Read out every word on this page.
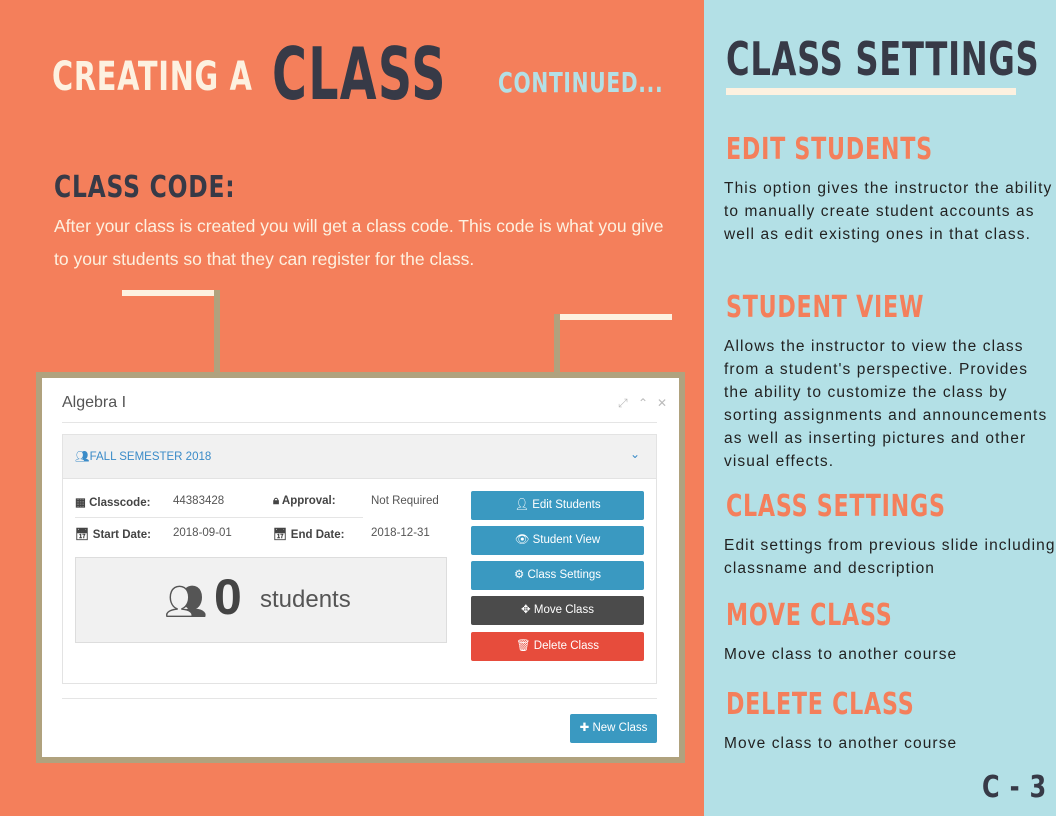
CREATING A CLASS CONTINUED...
CLASS CODE:

After your class is created you will get a class code. This code is what you give to your students so that they can register for the class.

Algebra I	⤢ ⌃ ✕
👥︎FALL SEMESTER 2018	⌄
▦ Classcode: 44383428	🔒︎ Approval:	Not Required
📅︎ Start Date: 2018-09-01	📅︎ End Date: 2018-12-31
👥︎ 0 students
👤︎ Edit Students
👁︎ Student View
⚙︎ Class Settings
✥ Move Class
🗑︎ Delete Class
✚ New Class
CLASS SETTINGS
EDIT STUDENTS

This option gives the instructor the ability to manually create student accounts as well as edit existing ones in that class.

STUDENT VIEW

Allows the instructor to view the class from a student's perspective. Provides the ability to customize the class by sorting assignments and announcements as well as inserting pictures and other visual effects.

CLASS SETTINGS

Edit settings from previous slide including classname and description

MOVE CLASS

Move class to another course

DELETE CLASS

Move class to another course

C - 3
